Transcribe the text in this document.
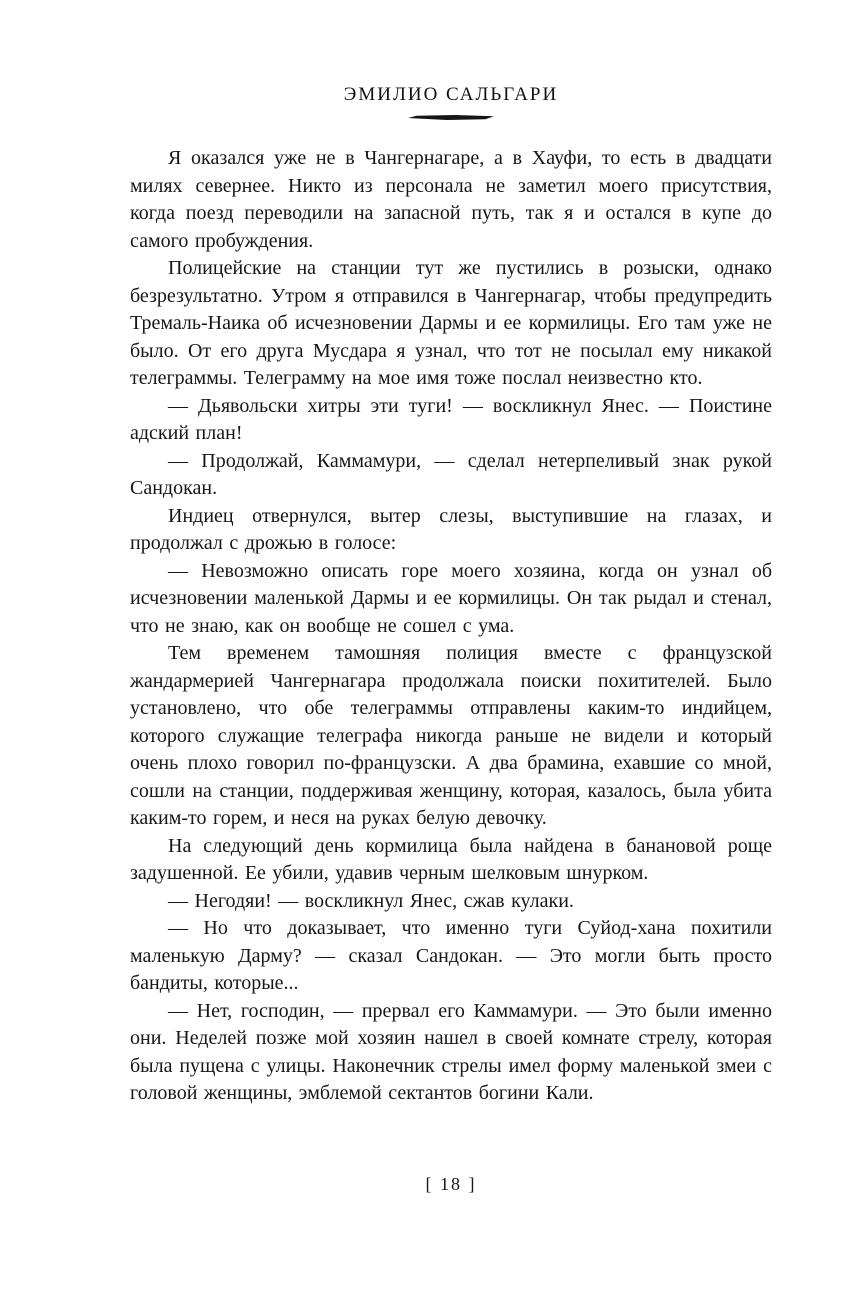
ЭМИЛИО САЛЬГАРИ

Я оказался уже не в Чангернагаре, а в Хауфи, то есть в двадцати милях севернее. Никто из персонала не заметил моего присутствия, когда поезд переводили на запасной путь, так я и остался в купе до самого пробуждения.

Полицейские на станции тут же пустились в розыски, однако безрезультатно. Утром я отправился в Чангернагар, чтобы предупредить Тремаль-Наика об исчезновении Дармы и ее кормилицы. Его там уже не было. От его друга Мусдара я узнал, что тот не посылал ему никакой телеграммы. Телеграмму на мое имя тоже послал неизвестно кто.

— Дьявольски хитры эти туги! — воскликнул Янес. — Поистине адский план!

— Продолжай, Каммамури, — сделал нетерпеливый знак рукой Сандокан.

Индиец отвернулся, вытер слезы, выступившие на глазах, и продолжал с дрожью в голосе:

— Невозможно описать горе моего хозяина, когда он узнал об исчезновении маленькой Дармы и ее кормилицы. Он так рыдал и стенал, что не знаю, как он вообще не сошел с ума.

Тем временем тамошняя полиция вместе с французской жандармерией Чангернагара продолжала поиски похитителей. Было установлено, что обе телеграммы отправлены каким-то индийцем, которого служащие телеграфа никогда раньше не видели и который очень плохо говорил по-французски. А два брамина, ехавшие со мной, сошли на станции, поддерживая женщину, которая, казалось, была убита каким-то горем, и неся на руках белую девочку.

На следующий день кормилица была найдена в банановой роще задушенной. Ее убили, удавив черным шелковым шнурком.

— Негодяи! — воскликнул Янес, сжав кулаки.

— Но что доказывает, что именно туги Суйод-хана похитили маленькую Дарму? — сказал Сандокан. — Это могли быть просто бандиты, которые...

— Нет, господин, — прервал его Каммамури. — Это были именно они. Неделей позже мой хозяин нашел в своей комнате стрелу, которая была пущена с улицы. Наконечник стрелы имел форму маленькой змеи с головой женщины, эмблемой сектантов богини Кали.

[ 18 ]
